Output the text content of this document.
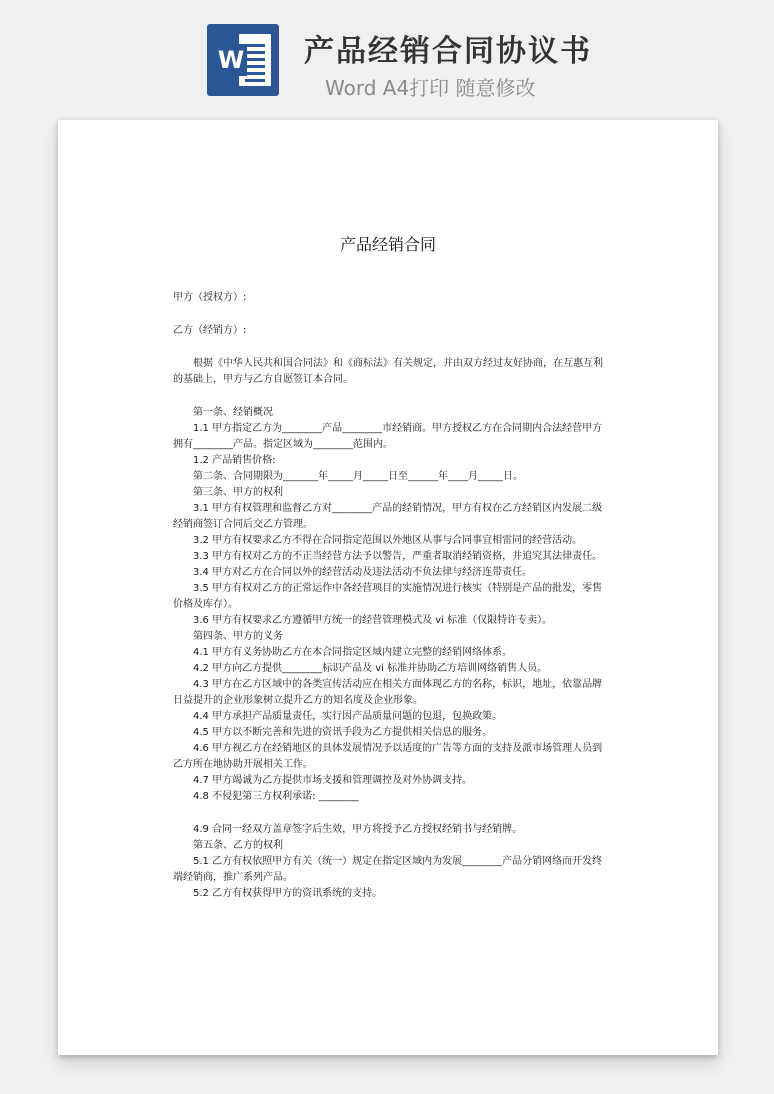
W 产品经销合同协议书
Word A4打印 随意修改
产品经销合同

甲方（授权方）:

乙方（经销方）:

根据《中华人民共和国合同法》和《商标法》有关规定，并由双方经过友好协商，在互惠互利的基础上，甲方与乙方自愿签订本合同。

第一条、经销概况

1.1 甲方指定乙方为________产品________市经销商。甲方授权乙方在合同期内合法经营甲方拥有________产品。指定区域为________范围内。

1.2 产品销售价格:

第二条、合同期限为_______年_____月_____日至______年____月_____日。

第三条、甲方的权利

3.1 甲方有权管理和监督乙方对________产品的经销情况，甲方有权在乙方经销区内发展二级经销商签订合同后交乙方管理。

3.2 甲方有权要求乙方不得在合同指定范围以外地区从事与合同事宜相雷同的经营活动。

3.3 甲方有权对乙方的不正当经营方法予以警告，严重者取消经销资格，并追究其法律责任。

3.4 甲方对乙方在合同以外的经营活动及违法活动不负法律与经济连带责任。

3.5 甲方有权对乙方的正常运作中各经营项目的实施情况进行核实（特别是产品的批发，零售价格及库存）。

3.6 甲方有权要求乙方遵循甲方统一的经营管理模式及 vi 标准（仅限特许专卖）。

第四条、甲方的义务

4.1 甲方有义务协助乙方在本合同指定区域内建立完整的经销网络体系。

4.2 甲方向乙方提供________标识产品及 vi 标准并协助乙方培训网络销售人员。

4.3 甲方在乙方区域中的各类宣传活动应在相关方面体现乙方的名称，标识，地址，依靠品牌日益提升的企业形象树立提升乙方的知名度及企业形象。

4.4 甲方承担产品质量责任，实行因产品质量问题的包退，包换政策。

4.5 甲方以不断完善和先进的资讯手段为乙方提供相关信息的服务。

4.6 甲方视乙方在经销地区的具体发展情况予以适度的广告等方面的支持及派市场管理人员到乙方所在地协助开展相关工作。

4.7 甲方竭诚为乙方提供市场支援和管理调控及对外协调支持。

4.8 不侵犯第三方权利承诺: ________

4.9 合同一经双方盖章签字后生效，甲方将授予乙方授权经销书与经销牌。

第五条、乙方的权利

5.1 乙方有权依照甲方有关（统一）规定在指定区域内为发展________产品分销网络而开发终端经销商，推广系列产品。

5.2 乙方有权获得甲方的资讯系统的支持。
